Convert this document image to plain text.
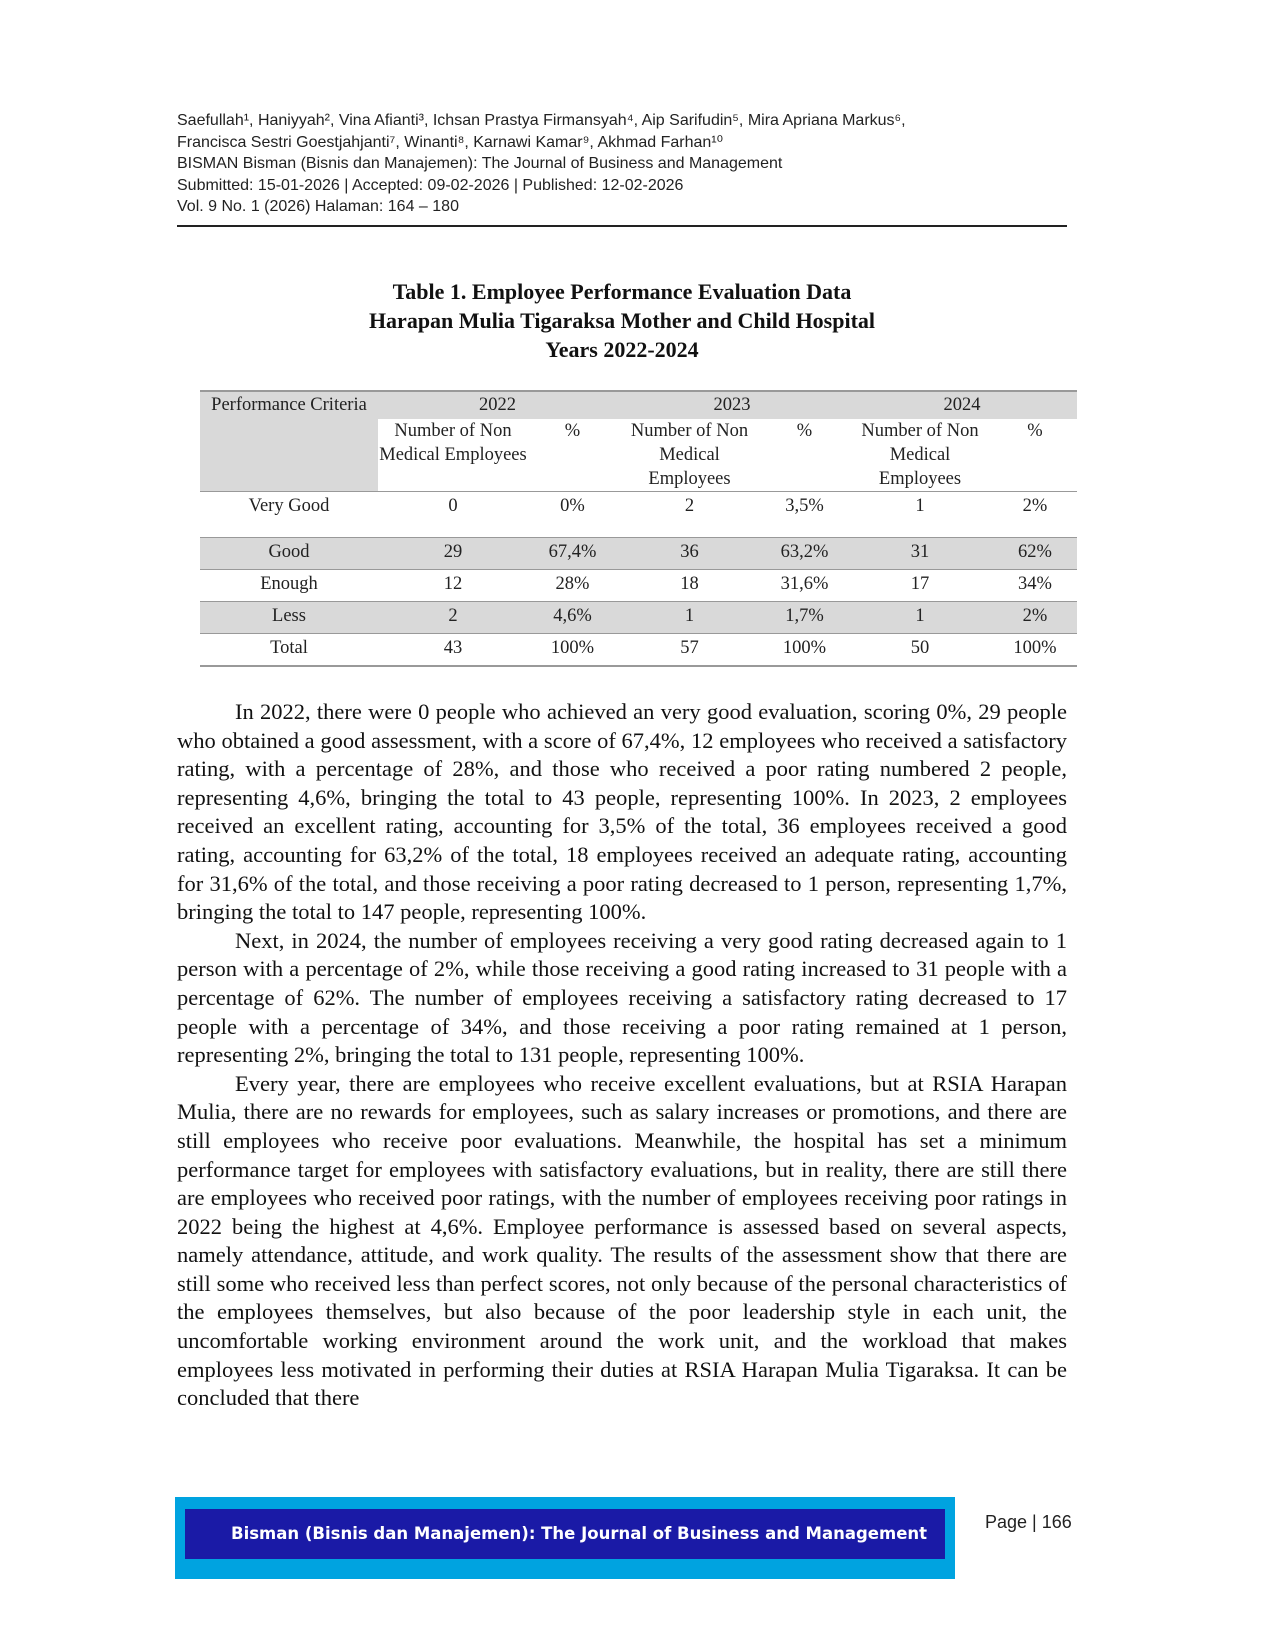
Saefullah¹, Haniyyah², Vina Afianti³, Ichsan Prastya Firmansyah⁴, Aip Sarifudin⁵, Mira Apriana Markus⁶,
Francisca Sestri Goestjahjanti⁷, Winanti⁸, Karnawi Kamar⁹, Akhmad Farhan¹⁰
BISMAN Bisman (Bisnis dan Manajemen): The Journal of Business and Management
Submitted: 15-01-2026 | Accepted: 09-02-2026 | Published: 12-02-2026
Vol. 9 No. 1 (2026) Halaman: 164 – 180
Table 1. Employee Performance Evaluation Data
Harapan Mulia Tigaraksa Mother and Child Hospital
Years 2022-2024
Performance Criteria	2022		2023		2024	
	Number of Non Medical Employees	%	Number of Non Medical Employees	%	Number of Non Medical Employees	%
Very Good	0	0%	2	3,5%	1	2%

Good	29	67,4%	36	63,2%	31	62%
Enough	12	28%	18	31,6%	17	34%
Less	2	4,6%	1	1,7%	1	2%
Total	43	100%	57	100%	50	100%

In 2022, there were 0 people who achieved an very good evaluation, scoring 0%, 29 people who obtained a good assessment, with a score of 67,4%, 12 employees who received a satisfactory rating, with a percentage of 28%, and those who received a poor rating numbered 2 people, representing 4,6%, bringing the total to 43 people, representing 100%. In 2023, 2 employees received an excellent rating, accounting for 3,5% of the total, 36 employees received a good rating, accounting for 63,2% of the total, 18 employees received an adequate rating, accounting for 31,6% of the total, and those receiving a poor rating decreased to 1 person, representing 1,7%, bringing the total to 147 people, representing 100%.

Next, in 2024, the number of employees receiving a very good rating decreased again to 1 person with a percentage of 2%, while those receiving a good rating increased to 31 people with a percentage of 62%. The number of employees receiving a satisfactory rating decreased to 17 people with a percentage of 34%, and those receiving a poor rating remained at 1 person, representing 2%, bringing the total to 131 people, representing 100%.

Every year, there are employees who receive excellent evaluations, but at RSIA Harapan Mulia, there are no rewards for employees, such as salary increases or promotions, and there are still employees who receive poor evaluations. Meanwhile, the hospital has set a minimum performance target for employees with satisfactory evaluations, but in reality, there are still there are employees who received poor ratings, with the number of employees receiving poor ratings in 2022 being the highest at 4,6%. Employee performance is assessed based on several aspects, namely attendance, attitude, and work quality. The results of the assessment show that there are still some who received less than perfect scores, not only because of the personal characteristics of the employees themselves, but also because of the poor leadership style in each unit, the uncomfortable working environment around the work unit, and the workload that makes employees less motivated in performing their duties at RSIA Harapan Mulia Tigaraksa. It can be concluded that there

Bisman (Bisnis dan Manajemen): The Journal of Business and Management
Page | 166
